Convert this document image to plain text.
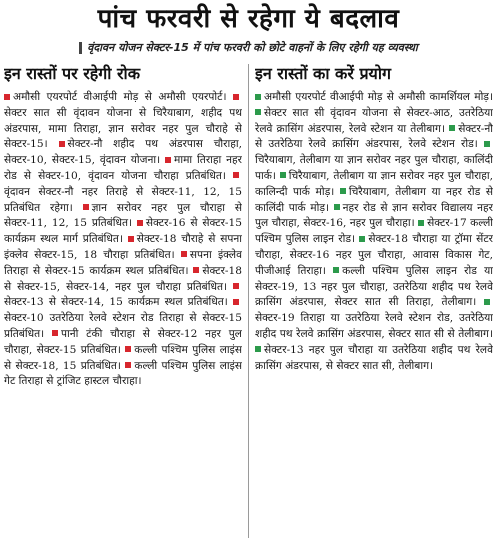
पांच फरवरी से रहेगा ये बदलाव
वृंदावन योजन सेक्टर-15 में पांच फरवरी को छोटे वाहनों के लिए रहेगी यह व्यवस्था
इन रास्तों पर रहेगी रोक
अमौसी एयरपोर्ट वीआईपी मोड़ से अमौसी एयरपोर्ट। सेक्टर सात सी वृंदावन योजना से चिरैयाबाग, शहीद पथ अंडरपास, मामा तिराहा, ज्ञान सरोवर नहर पुल चौराहे से सेक्टर-15। सेक्टर-नौ शहीद पथ अंडरपास चौराहा, सेक्टर-10, सेक्टर-15, वृंदावन योजना। मामा तिराहा नहर रोड से सेक्टर-10, वृंदावन योजना चौराहा प्रतिबंधित। वृंदावन सेक्टर-नौ नहर तिराहे से सेक्टर-11, 12, 15 प्रतिबंधित रहेगा। ज्ञान सरोवर नहर पुल चौराहा से सेक्टर-11, 12, 15 प्रतिबंधित। सेक्टर-16 से सेक्टर-15 कार्यक्रम स्थल मार्ग प्रतिबंधित। सेक्टर-18 चौराहे से सपना इंक्लेव सेक्टर-15, 18 चौराहा प्रतिबंधित। सपना इंक्लेव तिराहा से सेक्टर-15 कार्यक्रम स्थल प्रतिबंधित। सेक्टर-18 से सेक्टर-15, सेक्टर-14, नहर पुल चौराहा प्रतिबंधित। सेक्टर-13 से सेक्टर-14, 15 कार्यक्रम स्थल प्रतिबंधित। सेक्टर-10 उतरेठिया रेलवे स्टेशन रोड तिराहा से सेक्टर-15 प्रतिबंधित। पानी टंकी चौराहा से सेक्टर-12 नहर पुल चौराहा, सेक्टर-15 प्रतिबंधित। कल्ली पश्चिम पुलिस लाइंस से सेक्टर-18, 15 प्रतिबंधित। कल्ली पश्चिम पुलिस लाइंस गेट तिराहा से ट्रांजिट हास्टल चौराहा।
इन रास्तों का करें प्रयोग
अमौसी एयरपोर्ट वीआईपी मोड़ से अमौसी कामर्शियल मोड़। सेक्टर सात सी वृंदावन योजना से सेक्टर-आठ, उतरेठिया रेलवे क्रासिंग अंडरपास, रेलवे स्टेशन या तेलीबाग। सेक्टर-नौ से उतरेठिया रेलवे क्रासिंग अंडरपास, रेलवे स्टेशन रोड। चिरैयाबाग, तेलीबाग या ज्ञान सरोवर नहर पुल चौराहा, कालिंदी पार्क। चिरैयाबाग, तेलीबाग या ज्ञान सरोवर नहर पुल चौराहा, कालिन्दी पार्क मोड़। चिरैयाबाग, तेलीबाग या नहर रोड से कालिंदी पार्क मोड़। नहर रोड से ज्ञान सरोवर विद्यालय नहर पुल चौराहा, सेक्टर-16, नहर पुल चौराहा। सेक्टर-17 कल्ली पश्चिम पुलिस लाइन रोड। सेक्टर-18 चौराहा या ट्रॉमा सेंटर चौराहा, सेक्टर-16 नहर पुल चौराहा, आवास विकास गेट, पीजीआई तिराहा। कल्ली पश्चिम पुलिस लाइन रोड या सेक्टर-19, 13 नहर पुल चौराहा, उतरेठिया शहीद पथ रेलवे क्रासिंग अंडरपास, सेक्टर सात सी तिराहा, तेलीबाग। सेक्टर-19 तिराहा या उतरेठिया रेलवे स्टेशन रोड, उतरेठिया शहीद पथ रेलवे क्रासिंग अंडरपास, सेक्टर सात सी से तेलीबाग। सेक्टर-13 नहर पुल चौराहा या उतरेठिया शहीद पथ रेलवे क्रासिंग अंडरपास, से सेक्टर सात सी, तेलीबाग।
